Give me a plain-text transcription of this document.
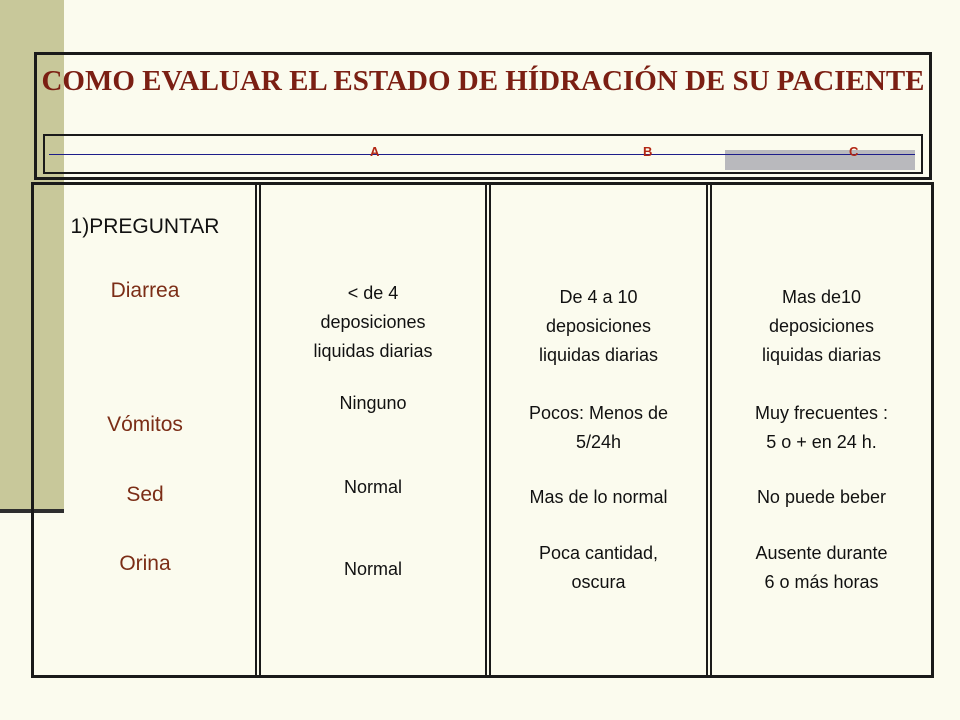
COMO EVALUAR EL ESTADO DE HÍDRACIÓN DE SU PACIENTE
A	B	C
1)PREGUNTAR
Diarrea
Vómitos
Sed
Orina
< de 4
deposiciones
liquidas diarias
Ninguno
Normal
Normal
De 4 a 10
deposiciones
liquidas diarias
Pocos: Menos de
5/24h
Mas de lo normal
Poca cantidad,
oscura
Mas de10
deposiciones
liquidas diarias
Muy frecuentes :
5 o + en 24 h.
No puede beber
Ausente durante
6 o más horas
